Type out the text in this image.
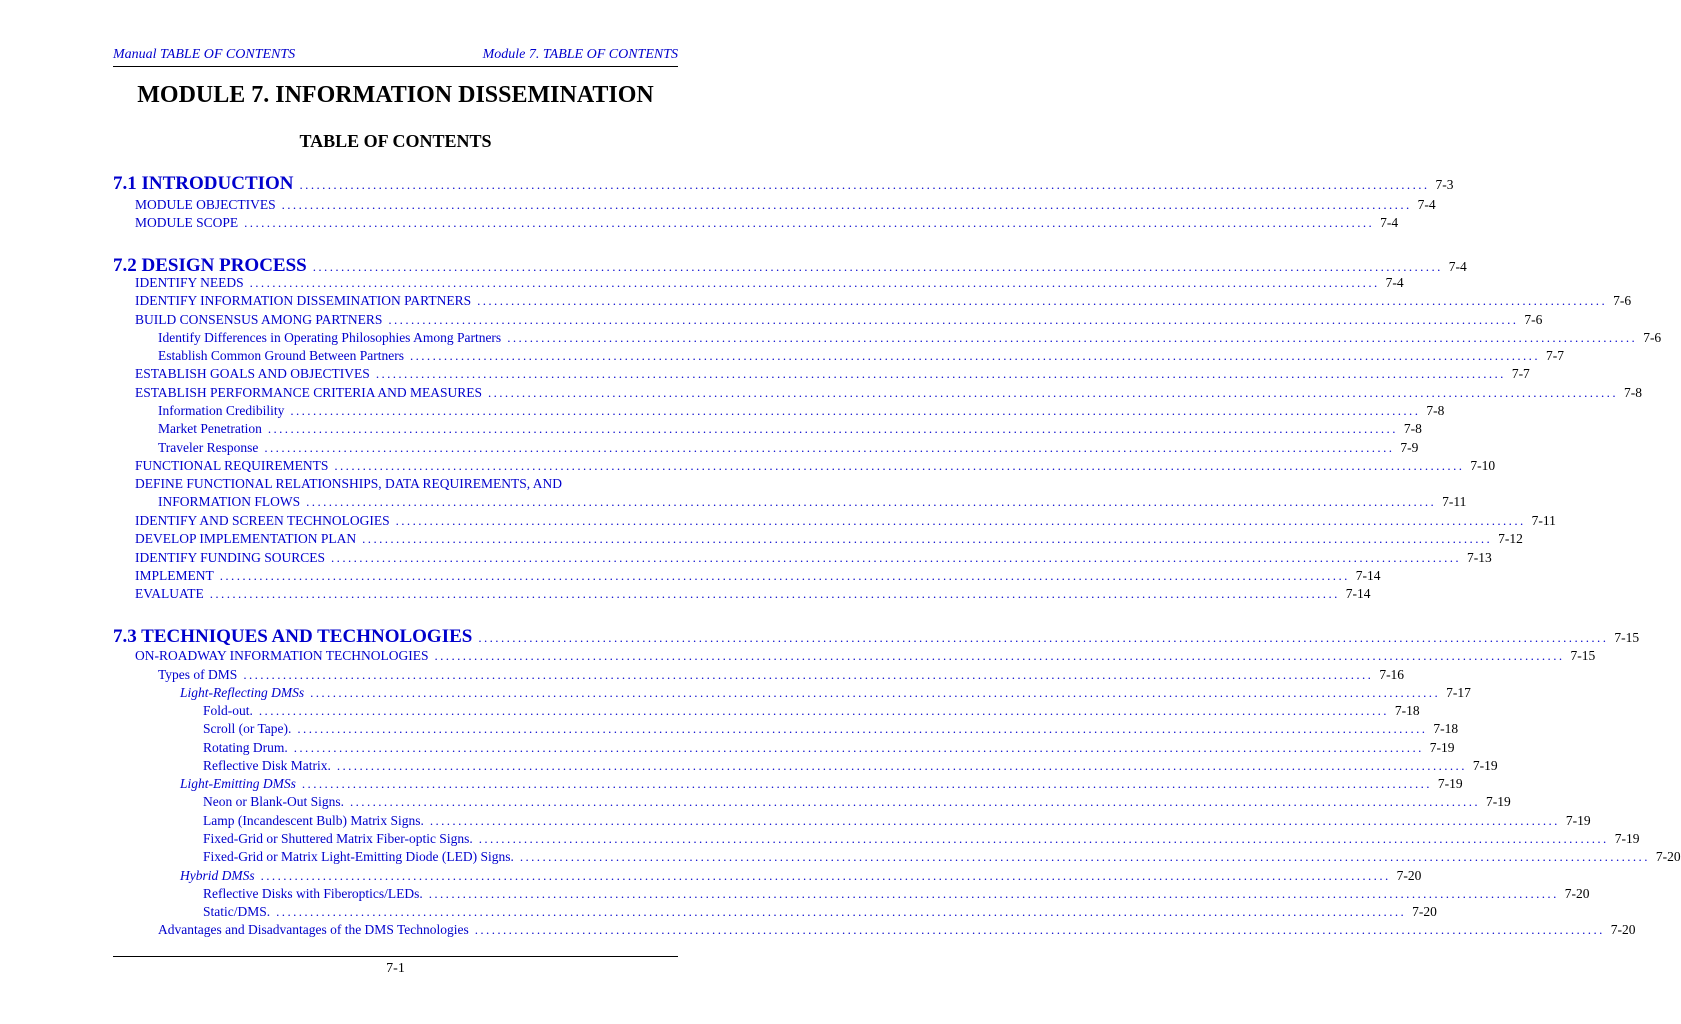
Manual TABLE OF CONTENTS	Module 7. TABLE OF CONTENTS
MODULE 7. INFORMATION DISSEMINATION
TABLE OF CONTENTS
7.1 INTRODUCTION ........................................................................................................................................................................................................ 7-3
MODULE OBJECTIVES ........................................................................................................................................................................................................ 7-4
MODULE SCOPE ........................................................................................................................................................................................................ 7-4
7.2 DESIGN PROCESS ........................................................................................................................................................................................................ 7-4
IDENTIFY NEEDS ........................................................................................................................................................................................................ 7-4
IDENTIFY INFORMATION DISSEMINATION PARTNERS ........................................................................................................................................................................................................ 7-6
BUILD CONSENSUS AMONG PARTNERS ........................................................................................................................................................................................................ 7-6
Identify Differences in Operating Philosophies Among Partners ........................................................................................................................................................................................................ 7-6
Establish Common Ground Between Partners ........................................................................................................................................................................................................ 7-7
ESTABLISH GOALS AND OBJECTIVES ........................................................................................................................................................................................................ 7-7
ESTABLISH PERFORMANCE CRITERIA AND MEASURES ........................................................................................................................................................................................................ 7-8
Information Credibility ........................................................................................................................................................................................................ 7-8
Market Penetration ........................................................................................................................................................................................................ 7-8
Traveler Response ........................................................................................................................................................................................................ 7-9
FUNCTIONAL REQUIREMENTS ........................................................................................................................................................................................................ 7-10
DEFINE FUNCTIONAL RELATIONSHIPS, DATA REQUIREMENTS, AND
INFORMATION FLOWS ........................................................................................................................................................................................................ 7-11
IDENTIFY AND SCREEN TECHNOLOGIES ........................................................................................................................................................................................................ 7-11
DEVELOP IMPLEMENTATION PLAN ........................................................................................................................................................................................................ 7-12
IDENTIFY FUNDING SOURCES ........................................................................................................................................................................................................ 7-13
IMPLEMENT ........................................................................................................................................................................................................ 7-14
EVALUATE ........................................................................................................................................................................................................ 7-14
7.3 TECHNIQUES AND TECHNOLOGIES ........................................................................................................................................................................................................ 7-15
ON-ROADWAY INFORMATION TECHNOLOGIES ........................................................................................................................................................................................................ 7-15
Types of DMS ........................................................................................................................................................................................................ 7-16
Light-Reflecting DMSs ........................................................................................................................................................................................................ 7-17
Fold-out. ........................................................................................................................................................................................................ 7-18
Scroll (or Tape). ........................................................................................................................................................................................................ 7-18
Rotating Drum. ........................................................................................................................................................................................................ 7-19
Reflective Disk Matrix. ........................................................................................................................................................................................................ 7-19
Light-Emitting DMSs ........................................................................................................................................................................................................ 7-19
Neon or Blank-Out Signs. ........................................................................................................................................................................................................ 7-19
Lamp (Incandescent Bulb) Matrix Signs. ........................................................................................................................................................................................................ 7-19
Fixed-Grid or Shuttered Matrix Fiber-optic Signs. ........................................................................................................................................................................................................ 7-19
Fixed-Grid or Matrix Light-Emitting Diode (LED) Signs. ........................................................................................................................................................................................................ 7-20
Hybrid DMSs ........................................................................................................................................................................................................ 7-20
Reflective Disks with Fiberoptics/LEDs. ........................................................................................................................................................................................................ 7-20
Static/DMS. ........................................................................................................................................................................................................ 7-20
Advantages and Disadvantages of the DMS Technologies ........................................................................................................................................................................................................ 7-20
7-1
